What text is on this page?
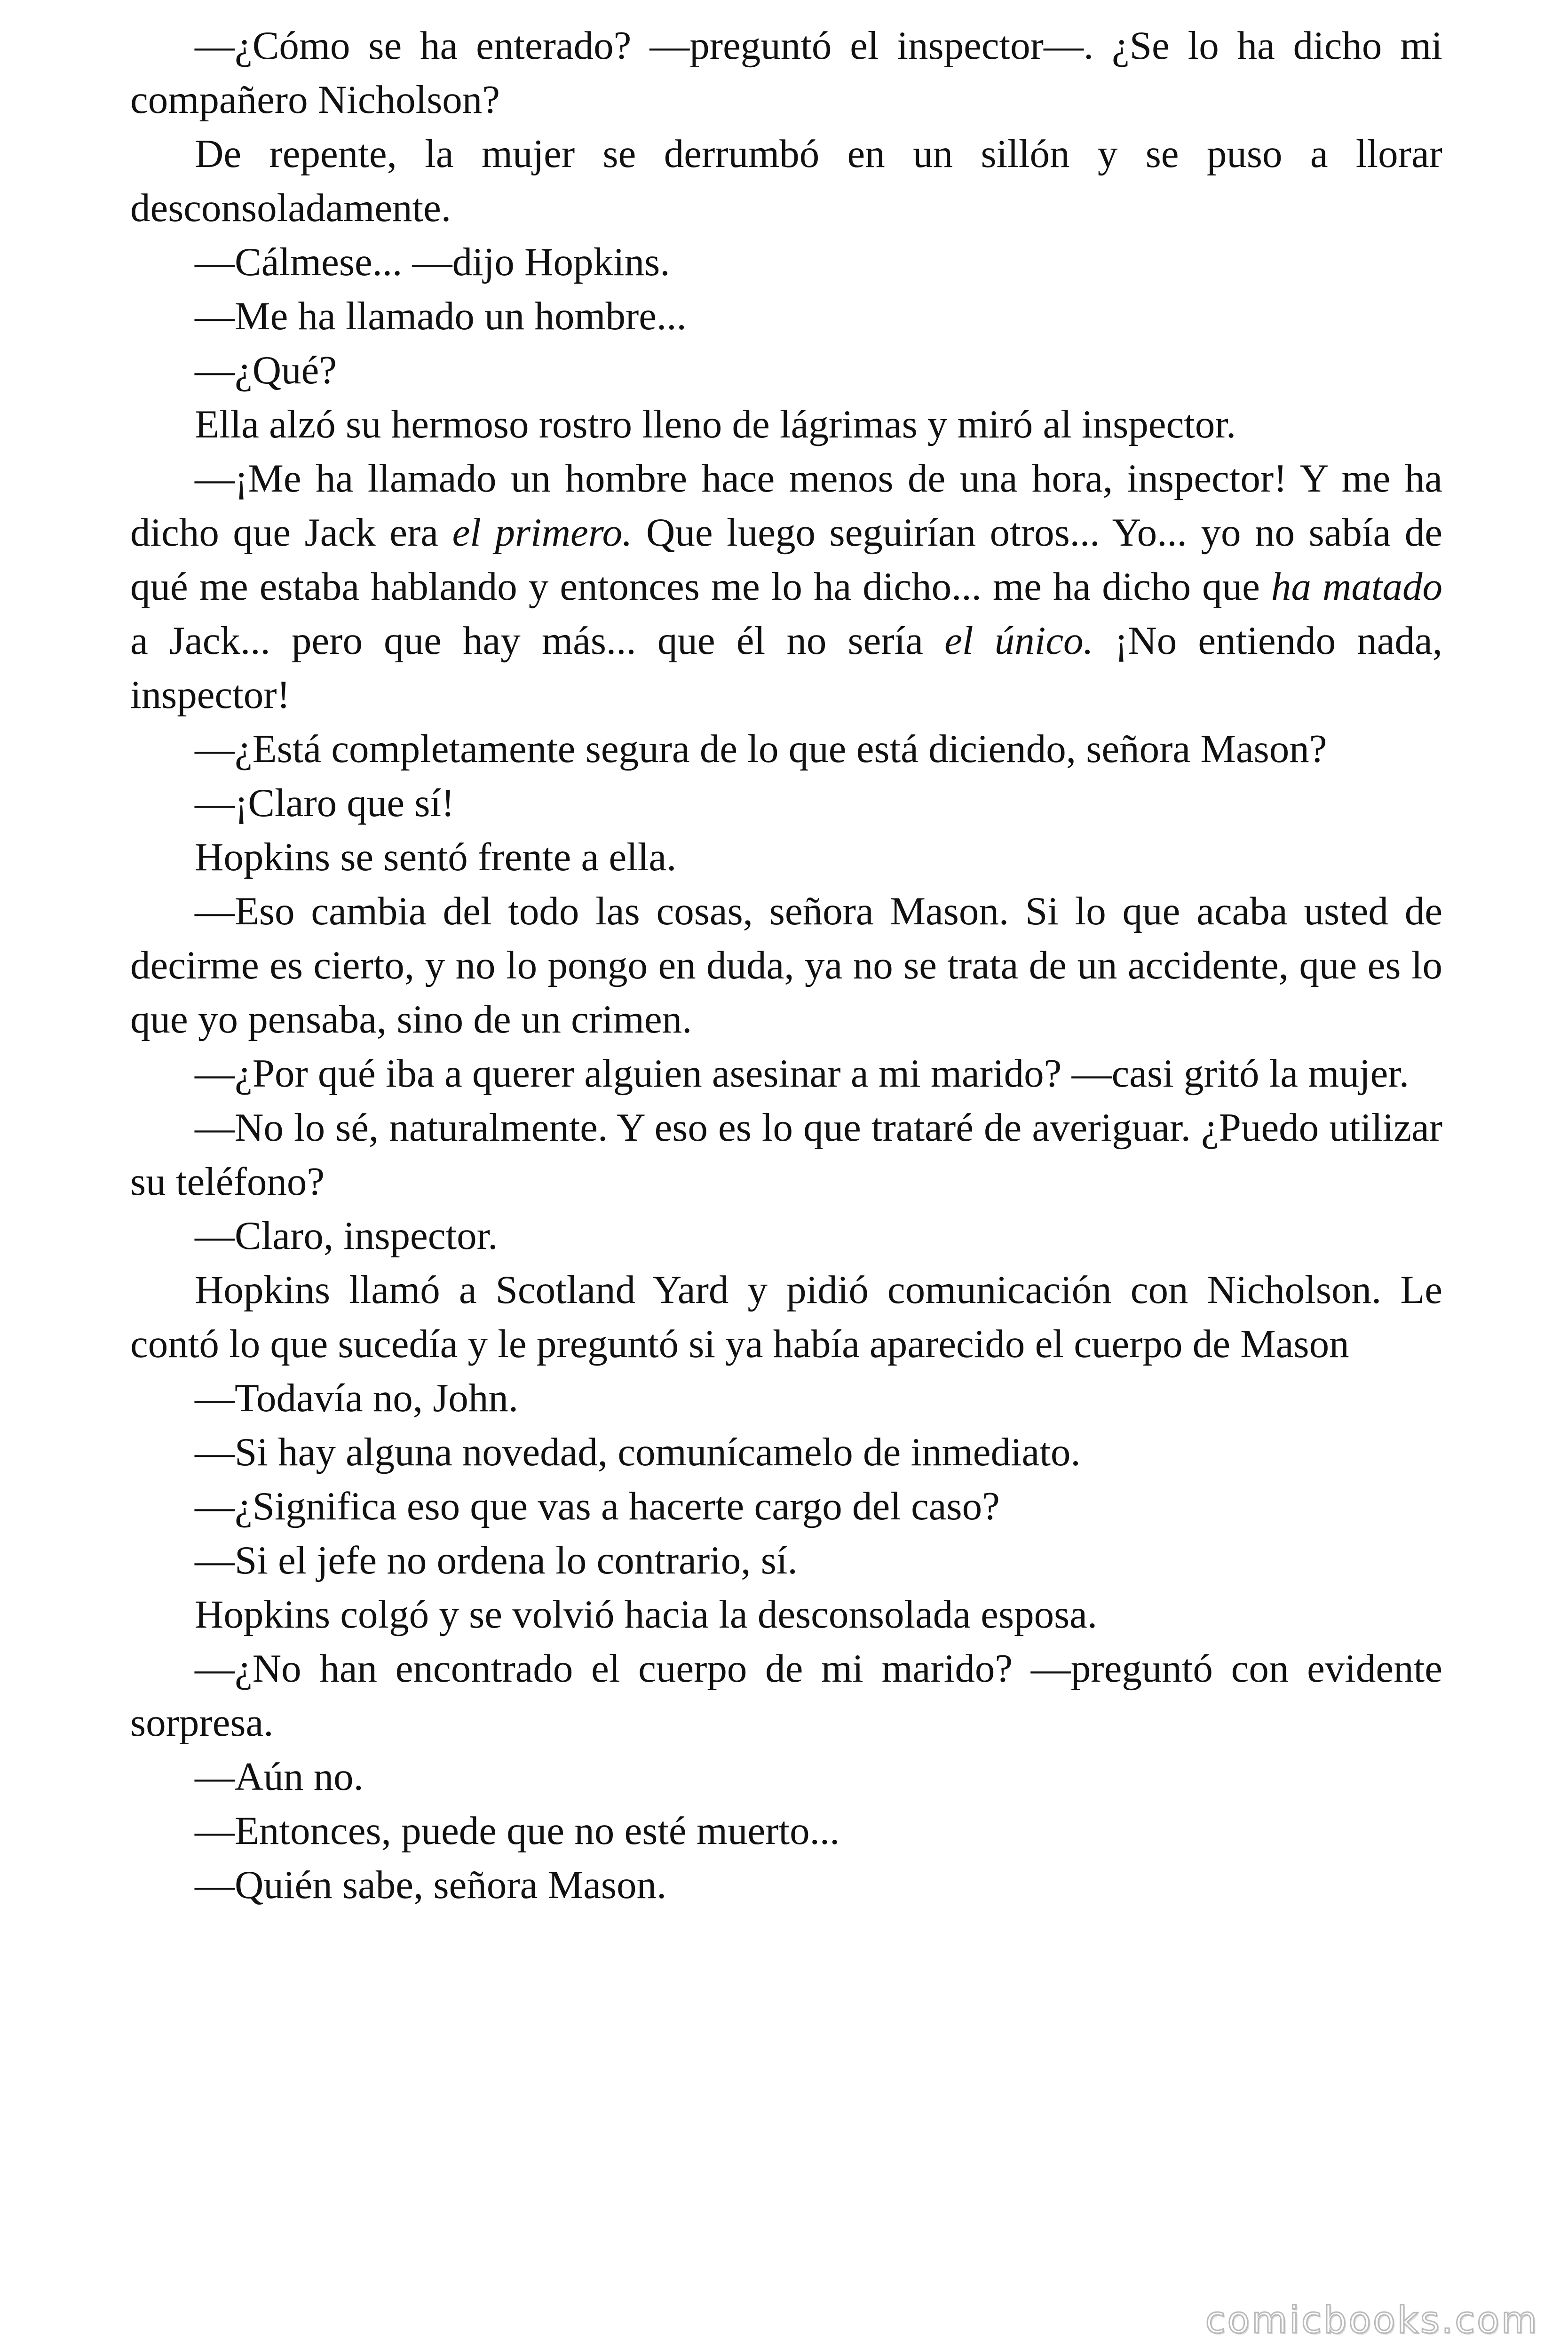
—¿Cómo se ha enterado? —preguntó el inspector—. ¿Se lo ha dicho mi compañero Nicholson?

De repente, la mujer se derrumbó en un sillón y se puso a llorar desconsoladamente.

—Cálmese... —dijo Hopkins.

—Me ha llamado un hombre...

—¿Qué?

Ella alzó su hermoso rostro lleno de lágrimas y miró al inspector.

—¡Me ha llamado un hombre hace menos de una hora, inspector! Y me ha dicho que Jack era el primero. Que luego seguirían otros... Yo... yo no sabía de qué me estaba hablando y entonces me lo ha dicho... me ha dicho que ha matado a Jack... pero que hay más... que él no sería el único. ¡No entiendo nada, inspector!

—¿Está completamente segura de lo que está diciendo, señora Mason?

—¡Claro que sí!

Hopkins se sentó frente a ella.

—Eso cambia del todo las cosas, señora Mason. Si lo que acaba usted de decirme es cierto, y no lo pongo en duda, ya no se trata de un accidente, que es lo que yo pensaba, sino de un crimen.

—¿Por qué iba a querer alguien asesinar a mi marido? —casi gritó la mujer.

—No lo sé, naturalmente. Y eso es lo que trataré de averiguar. ¿Puedo utilizar su teléfono?

—Claro, inspector.

Hopkins llamó a Scotland Yard y pidió comunicación con Nicholson. Le contó lo que sucedía y le preguntó si ya había aparecido el cuerpo de Mason

—Todavía no, John.

—Si hay alguna novedad, comunícamelo de inmediato.

—¿Significa eso que vas a hacerte cargo del caso?

—Si el jefe no ordena lo contrario, sí.

Hopkins colgó y se volvió hacia la desconsolada esposa.

—¿No han encontrado el cuerpo de mi marido? —preguntó con evidente sorpresa.

—Aún no.

—Entonces, puede que no esté muerto...

—Quién sabe, señora Mason.

comicbooks.com
